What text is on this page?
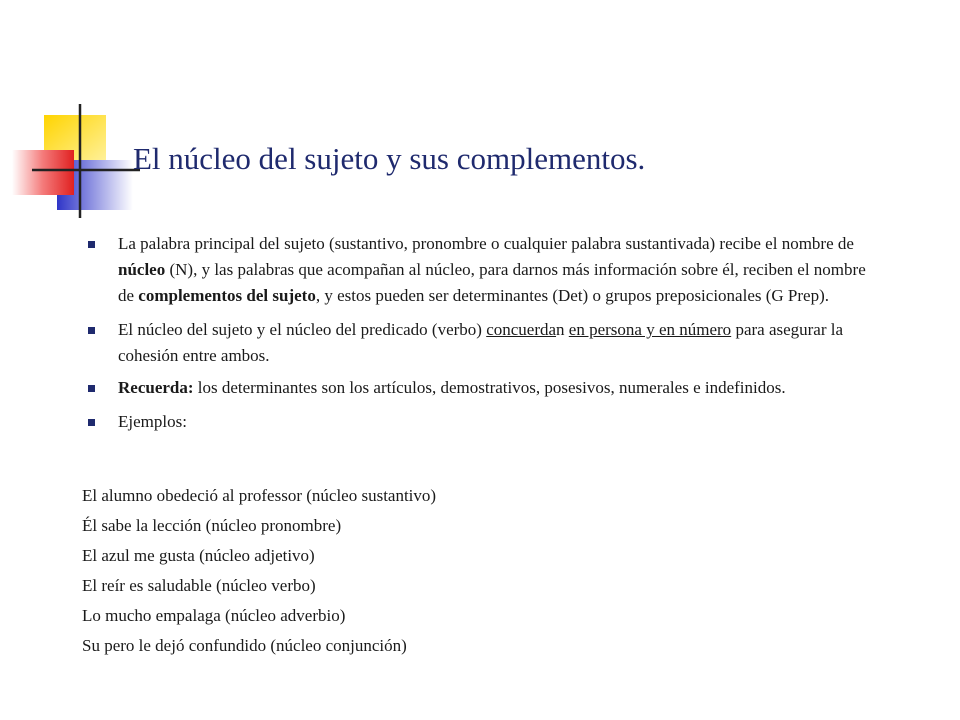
El núcleo del sujeto y sus complementos.
La palabra principal del sujeto (sustantivo, pronombre o cualquier palabra sustantivada) recibe el nombre de núcleo (N), y las palabras que acompañan al núcleo, para darnos más información sobre él, reciben el nombre de complementos del sujeto, y estos pueden ser determinantes (Det) o grupos preposicionales (G Prep).
El núcleo del sujeto y el núcleo del predicado (verbo) concuerdan en persona y en número para asegurar la cohesión entre ambos.
Recuerda: los determinantes son los artículos, demostrativos, posesivos, numerales e indefinidos.
Ejemplos:
El alumno obedeció al professor (núcleo sustantivo)
Él sabe la lección (núcleo pronombre)
El azul me gusta (núcleo adjetivo)
El reír es saludable (núcleo verbo)
Lo mucho empalaga (núcleo adverbio)
Su pero le dejó confundido (núcleo conjunción)
